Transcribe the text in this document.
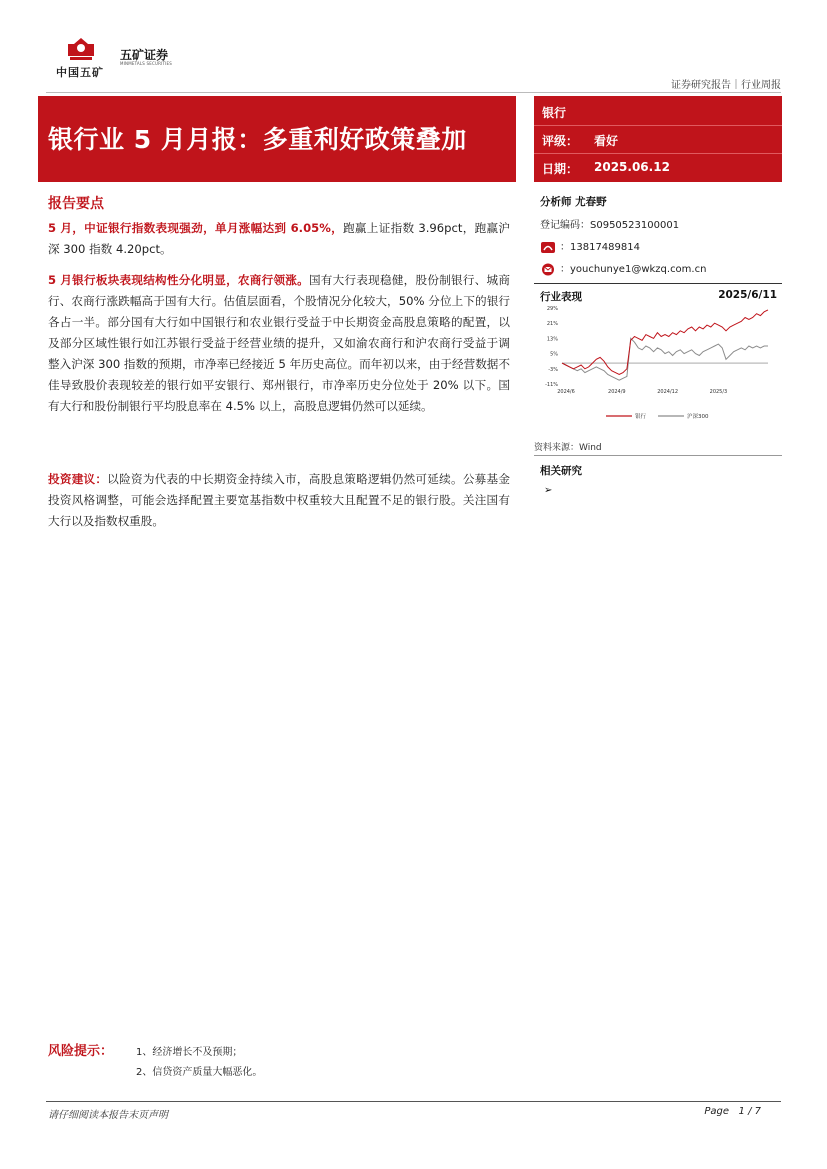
中国五矿
五矿证券
MINMETALS SECURITIES
证券研究报告｜行业周报
银行业 5 月月报：多重利好政策叠加
银行
评级： 看好
日期： 2025.06.12
报告要点
5 月，中证银行指数表现强劲，单月涨幅达到 6.05%，跑赢上证指数 3.96pct，跑赢沪深 300 指数 4.20pct。
5 月银行板块表现结构性分化明显，农商行领涨。国有大行表现稳健，股份制银行、城商行、农商行涨跌幅高于国有大行。估值层面看，个股情况分化较大，50% 分位上下的银行各占一半。部分国有大行如中国银行和农业银行受益于中长期资金高股息策略的配置，以及部分区域性银行如江苏银行受益于经营业绩的提升，又如渝农商行和沪农商行受益于调整入沪深 300 指数的预期，市净率已经接近 5 年历史高位。而年初以来，由于经营数据不佳导致股价表现较差的银行如平安银行、郑州银行，市净率历史分位处于 20% 以下。国有大行和股份制银行平均股息率在 4.5% 以上，高股息逻辑仍然可以延续。
投资建议：以险资为代表的中长期资金持续入市，高股息策略逻辑仍然可延续。公募基金投资风格调整，可能会选择配置主要宽基指数中权重较大且配置不足的银行股。关注国有大行以及指数权重股。
分析师 尤春野
登记编码：S0950523100001
：13817489814
：youchunye1@wkzq.com.cn
行业表现	2025/6/11
29%
21%
13%
5%
-3%
-11%
2024/6	2024/9	2024/12	2025/3
银行	沪深300
资料来源：Wind
相关研究
➢
风险提示： 1、经济增长不及预期；
2、信贷资产质量大幅恶化。
请仔细阅读本报告末页声明	Page 1 / 7
